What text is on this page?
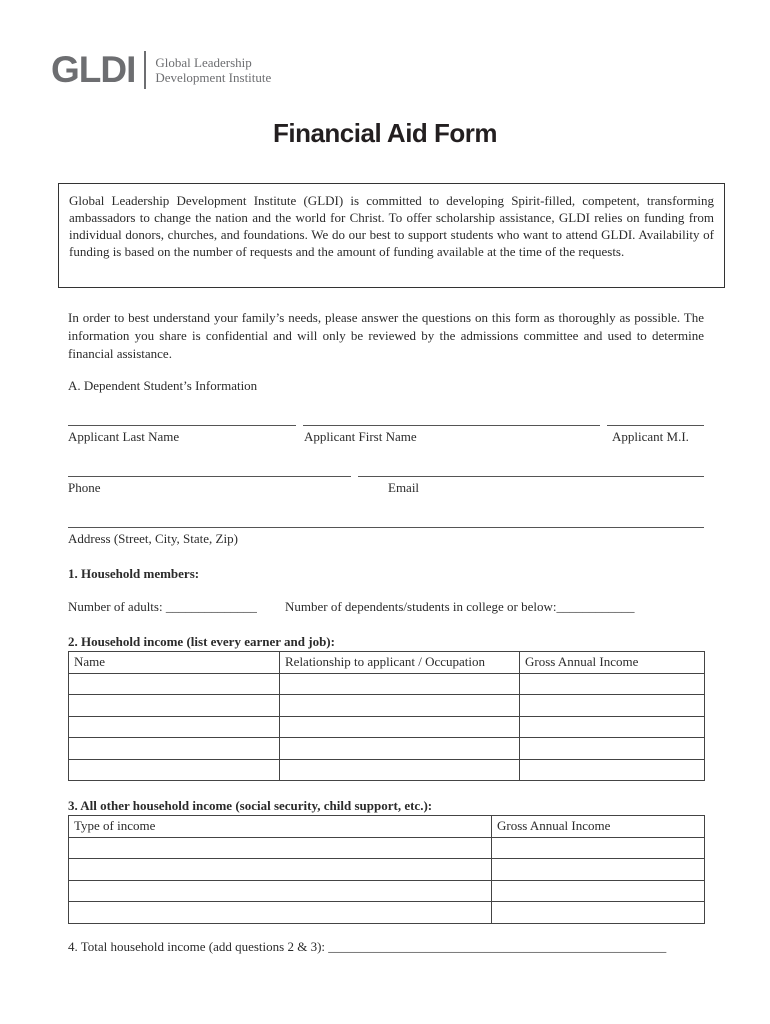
GLDI Global Leadership
Development Institute
Financial Aid Form
Global Leadership Development Institute (GLDI) is committed to developing Spirit-filled, competent, transforming ambassadors to change the nation and the world for Christ. To offer scholarship assistance, GLDI relies on funding from individual donors, churches, and foundations. We do our best to support students who want to attend GLDI. Availability of funding is based on the number of requests and the amount of funding available at the time of the requests.
In order to best understand your family’s needs, please answer the questions on this form as thoroughly as possible. The information you share is confidential and will only be reviewed by the admissions committee and used to determine financial assistance.
A. Dependent Student’s Information
Applicant Last Name	Applicant First Name	Applicant M.I.
Phone	Email
Address (Street, City, State, Zip)
1. Household members:
Number of adults: ______________ Number of dependents/students in college or below:____________
2. Household income (list every earner and job):
Name	Relationship to applicant / Occupation	Gross Annual Income

3. All other household income (social security, child support, etc.):
Type of income	Gross Annual Income

4. Total household income (add questions 2 & 3): ____________________________________________________
